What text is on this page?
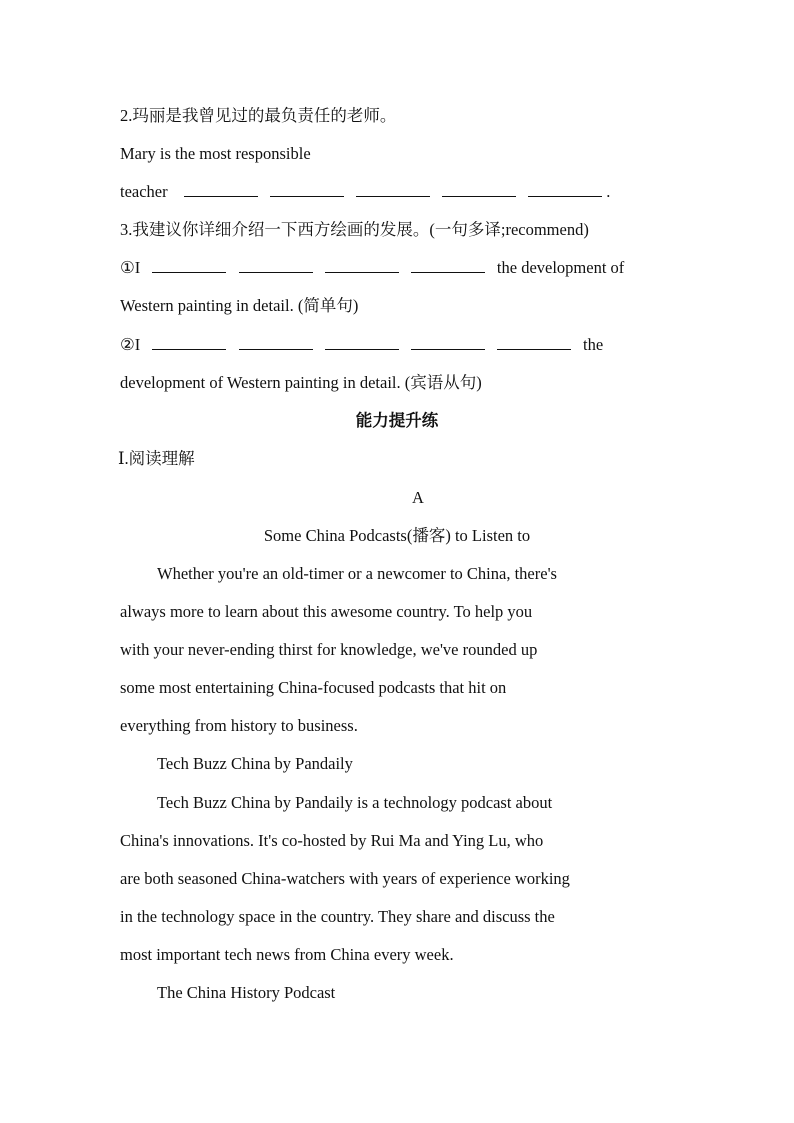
2.玛丽是我曾见过的最负责任的老师。
Mary is the most responsible
teacher	.
3.我建议你详细介绍一下西方绘画的发展。(一句多译;recommend)
①I	the development of
Western painting in detail. (简单句)
②I	the
development of Western painting in detail. (宾语从句)
能力提升练
Ⅰ.阅读理解
A
Some China Podcasts(播客) to Listen to
Whether you're an old-timer or a newcomer to China, there's
always more to learn about this awesome country. To help you
with your never-ending thirst for knowledge, we've rounded up
some most entertaining China-focused podcasts that hit on
everything from history to business.
Tech Buzz China by Pandaily
Tech Buzz China by Pandaily is a technology podcast about
China's innovations. It's co-hosted by Rui Ma and Ying Lu, who
are both seasoned China-watchers with years of experience working
in the technology space in the country. They share and discuss the
most important tech news from China every week.
The China History Podcast
